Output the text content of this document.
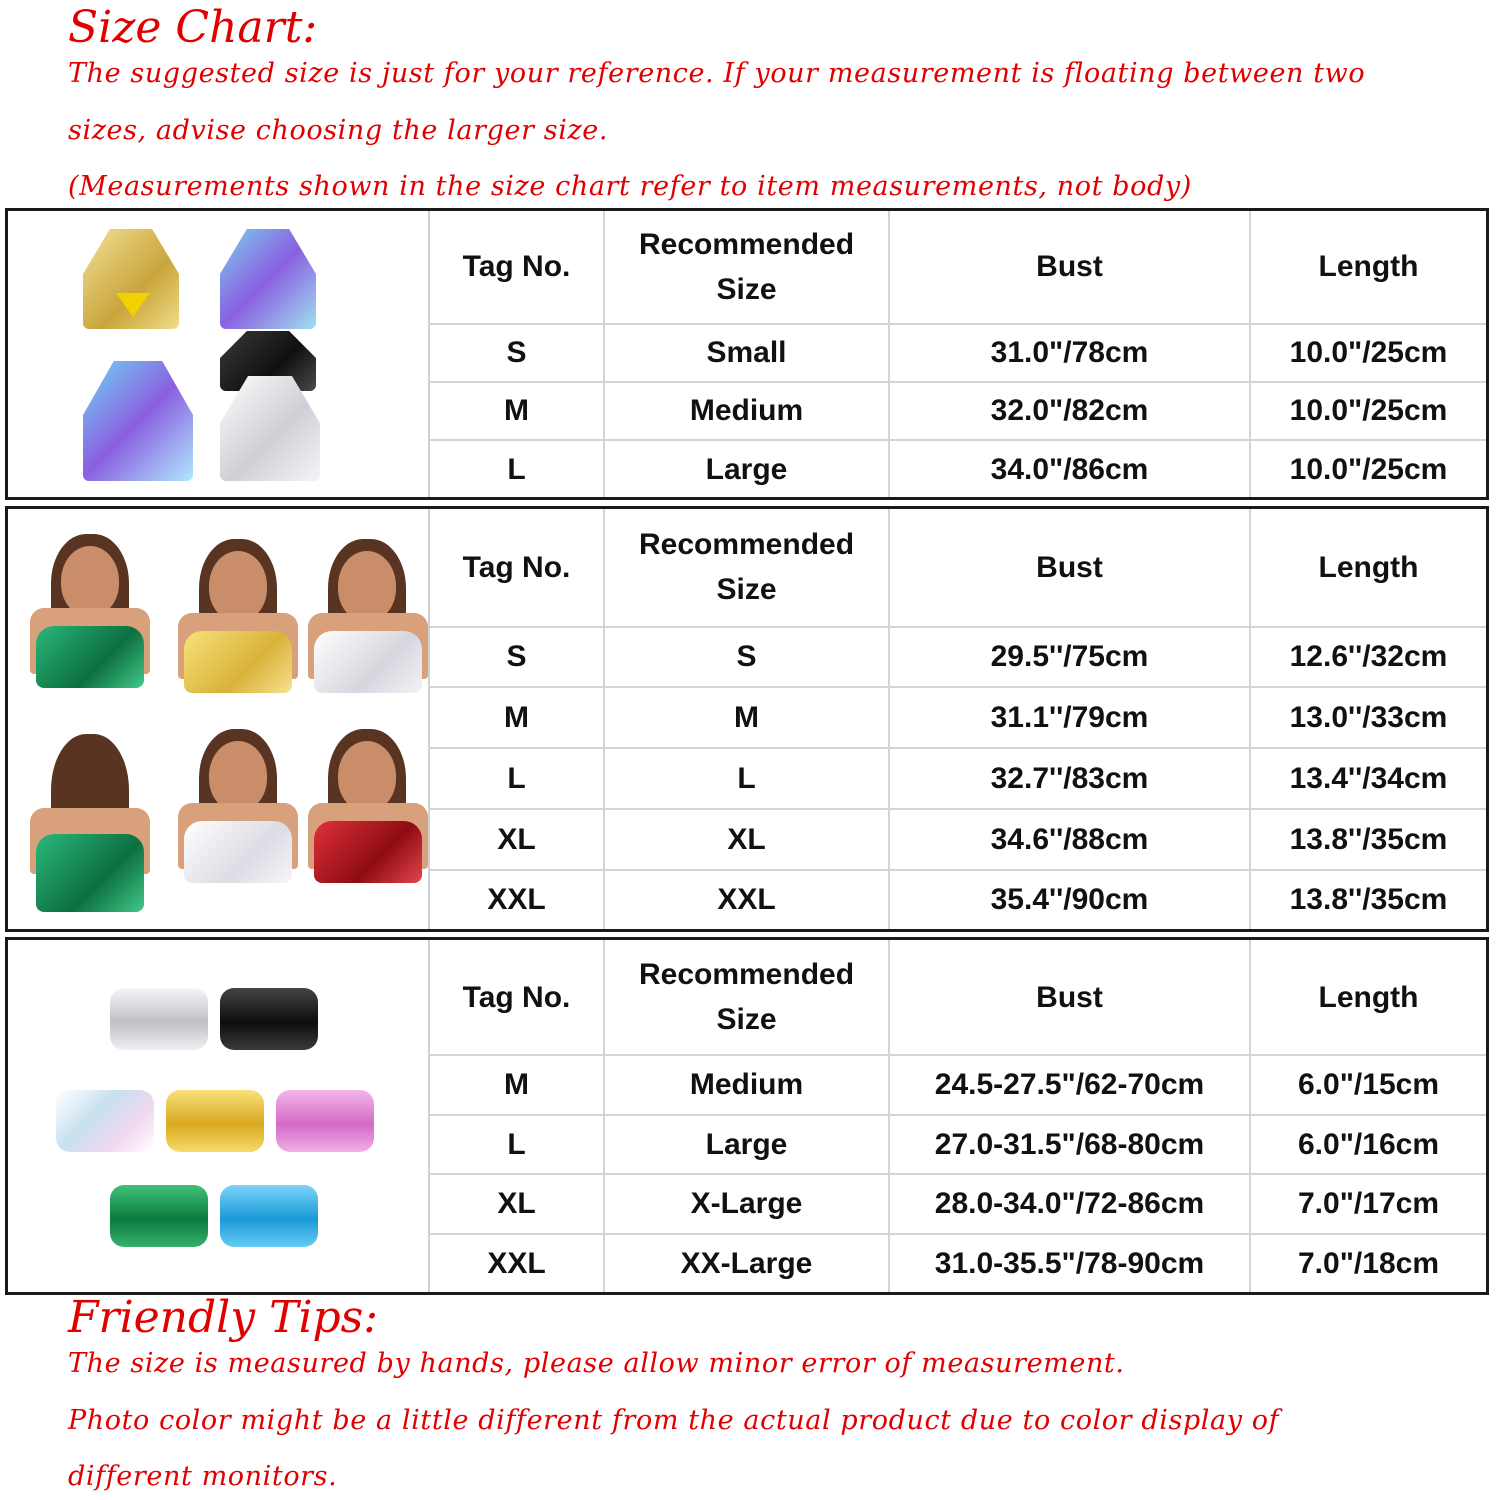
Size Chart:

The suggested size is just for your reference. If your measurement is floating between two

sizes, advise choosing the larger size.

(Measurements shown in the size chart refer to item measurements, not body)

Tag No.	Recommended Size	Bust	Length
S	Small	31.0"/78cm	10.0"/25cm
M	Medium	32.0"/82cm	10.0"/25cm
L	Large	34.0"/86cm	10.0"/25cm
Tag No.	Recommended Size	Bust	Length
S	S	29.5''/75cm	12.6''/32cm
M	M	31.1''/79cm	13.0''/33cm
L	L	32.7''/83cm	13.4''/34cm
XL	XL	34.6''/88cm	13.8''/35cm
XXL	XXL	35.4''/90cm	13.8''/35cm
Tag No.	Recommended Size	Bust	Length
M	Medium	24.5-27.5"/62-70cm	6.0"/15cm
L	Large	27.0-31.5"/68-80cm	6.0"/16cm
XL	X-Large	28.0-34.0"/72-86cm	7.0"/17cm
XXL	XX-Large	31.0-35.5"/78-90cm	7.0"/18cm

Friendly Tips:

The size is measured by hands, please allow minor error of measurement.

Photo color might be a little different from the actual product due to color display of

different monitors.
